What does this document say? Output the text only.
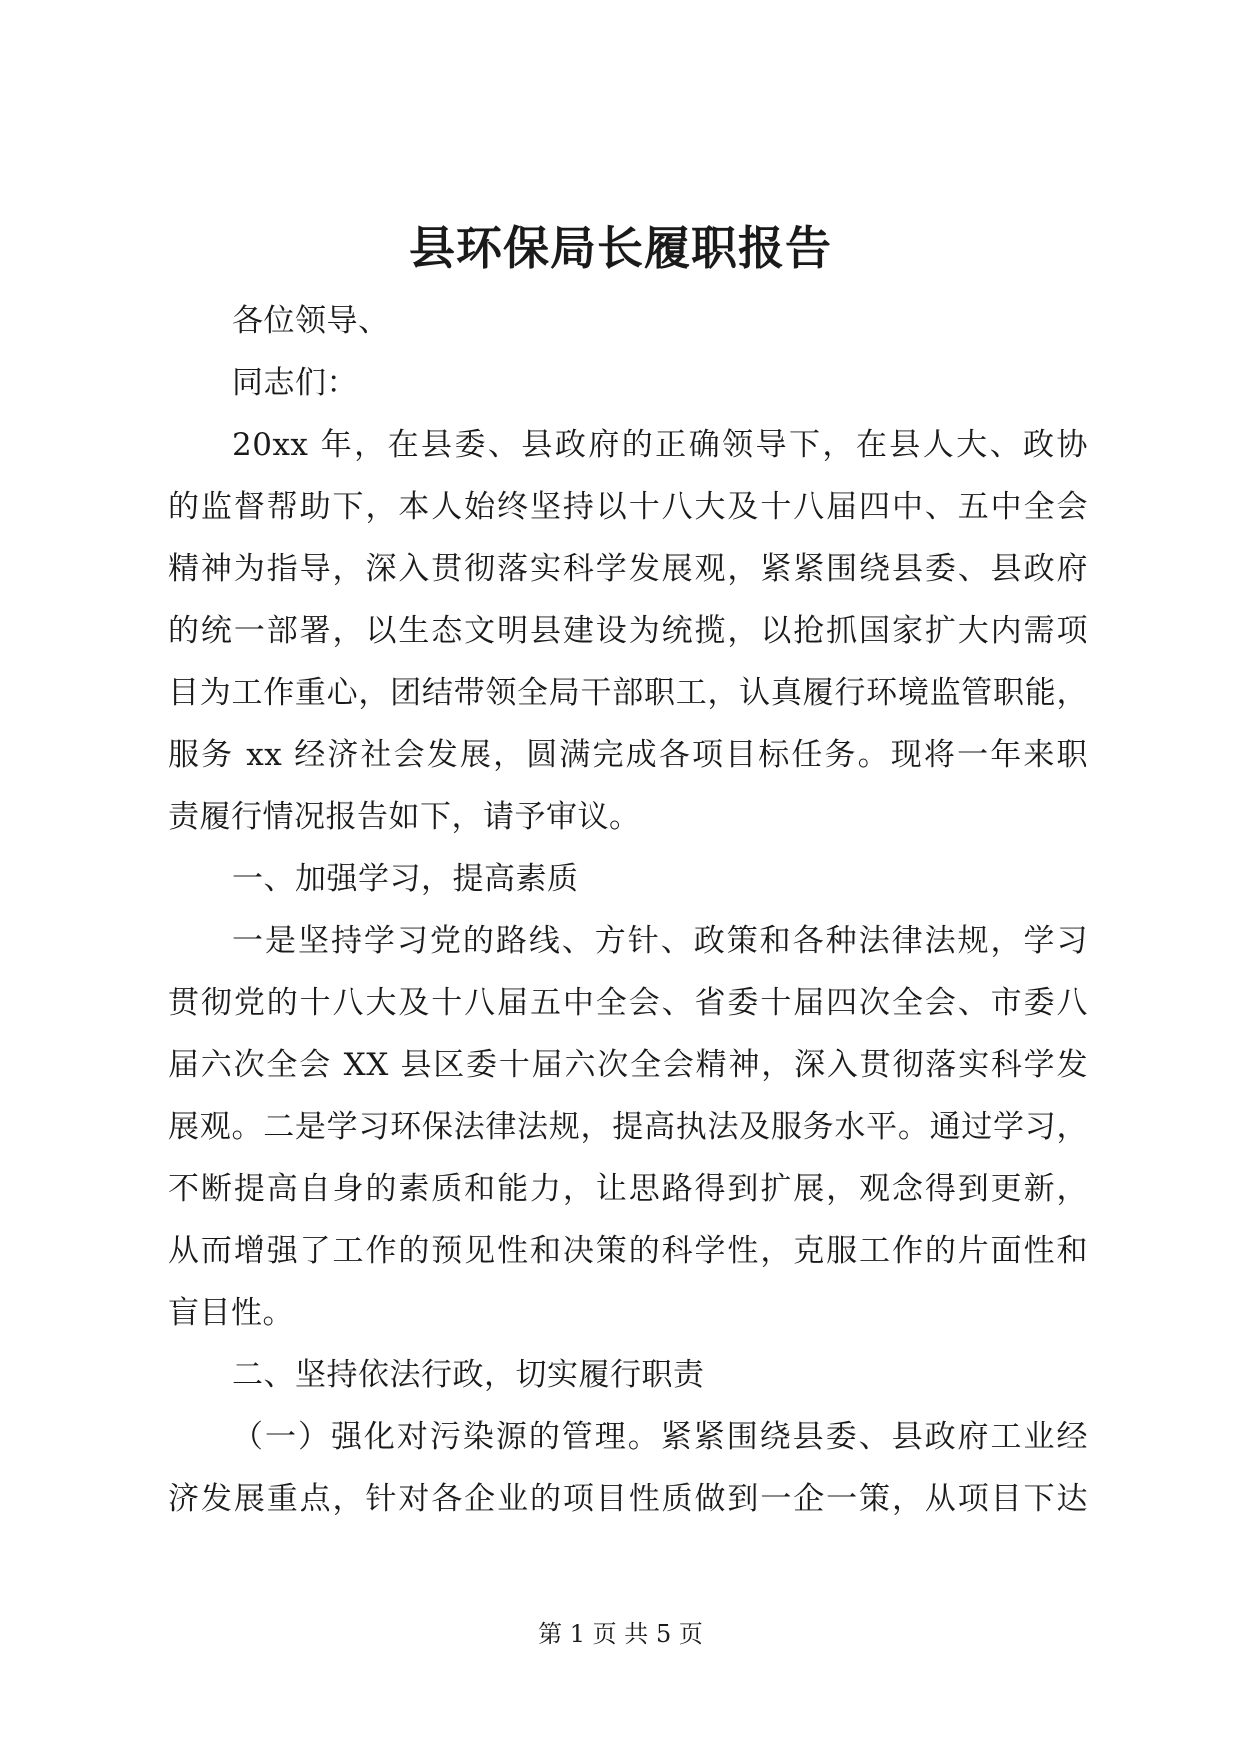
县环保局长履职报告
各位领导、
同志们：
20xx 年，在县委、县政府的正确领导下，在县人大、政协
的监督帮助下，本人始终坚持以十八大及十八届四中、五中全会
精神为指导，深入贯彻落实科学发展观，紧紧围绕县委、县政府
的统一部署，以生态文明县建设为统揽，以抢抓国家扩大内需项
目为工作重心，团结带领全局干部职工，认真履行环境监管职能，
服务 xx 经济社会发展，圆满完成各项目标任务。现将一年来职
责履行情况报告如下，请予审议。
一、加强学习，提高素质
一是坚持学习党的路线、方针、政策和各种法律法规，学习
贯彻党的十八大及十八届五中全会、省委十届四次全会、市委八
届六次全会 XX 县区委十届六次全会精神，深入贯彻落实科学发
展观。二是学习环保法律法规，提高执法及服务水平。通过学习，
不断提高自身的素质和能力，让思路得到扩展，观念得到更新，
从而增强了工作的预见性和决策的科学性，克服工作的片面性和
盲目性。
二、坚持依法行政，切实履行职责
（一）强化对污染源的管理。紧紧围绕县委、县政府工业经
济发展重点，针对各企业的项目性质做到一企一策，从项目下达
第 1 页 共 5 页
